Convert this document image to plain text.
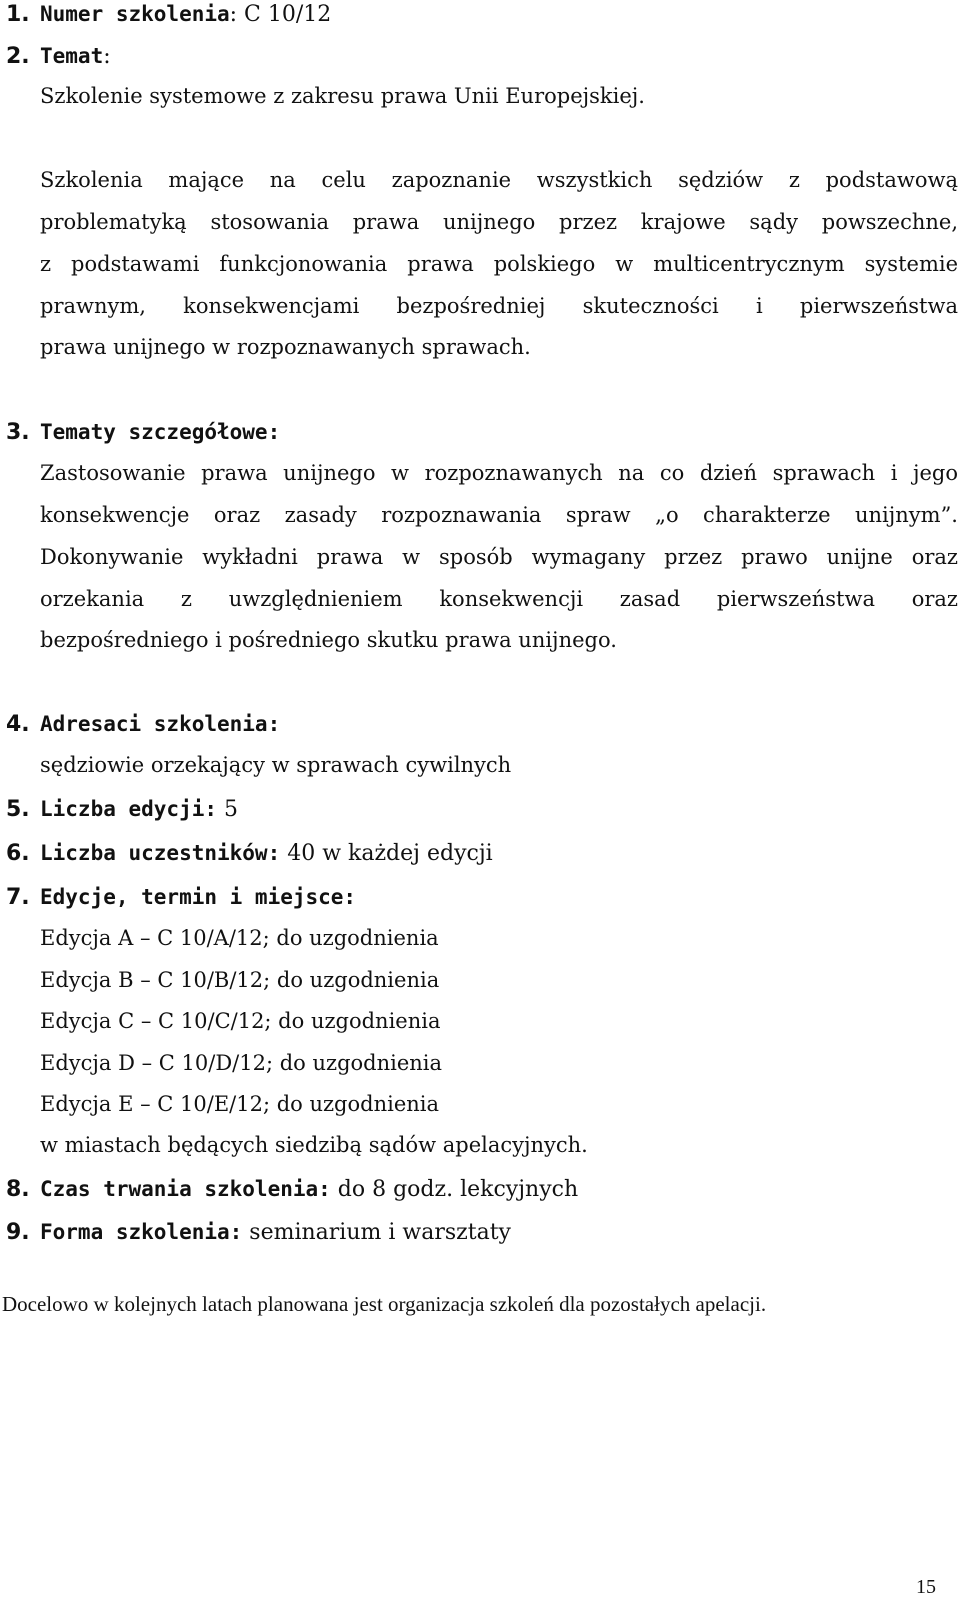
1. Numer szkolenia: C 10/12
2. Temat:
Szkolenie systemowe z zakresu prawa Unii Europejskiej.
Szkolenia mające na celu zapoznanie wszystkich sędziów z podstawową
problematyką stosowania prawa unijnego przez krajowe sądy powszechne,
z podstawami funkcjonowania prawa polskiego w multicentrycznym systemie
prawnym, konsekwencjami bezpośredniej skuteczności i pierwszeństwa
prawa unijnego w rozpoznawanych sprawach.
3. Tematy szczegółowe:
Zastosowanie prawa unijnego w rozpoznawanych na co dzień sprawach i jego
konsekwencje oraz zasady rozpoznawania spraw „o charakterze unijnym”.
Dokonywanie wykładni prawa w sposób wymagany przez prawo unijne oraz
orzekania z uwzględnieniem konsekwencji zasad pierwszeństwa oraz
bezpośredniego i pośredniego skutku prawa unijnego.
4. Adresaci szkolenia:
sędziowie orzekający w sprawach cywilnych
5. Liczba edycji: 5
6. Liczba uczestników: 40 w każdej edycji
7. Edycje, termin i miejsce:
Edycja A – C 10/A/12; do uzgodnienia
Edycja B – C 10/B/12; do uzgodnienia
Edycja C – C 10/C/12; do uzgodnienia
Edycja D – C 10/D/12; do uzgodnienia
Edycja E – C 10/E/12; do uzgodnienia
w miastach będących siedzibą sądów apelacyjnych.
8. Czas trwania szkolenia: do 8 godz. lekcyjnych
9. Forma szkolenia: seminarium i warsztaty
Docelowo w kolejnych latach planowana jest organizacja szkoleń dla pozostałych apelacji.
15
